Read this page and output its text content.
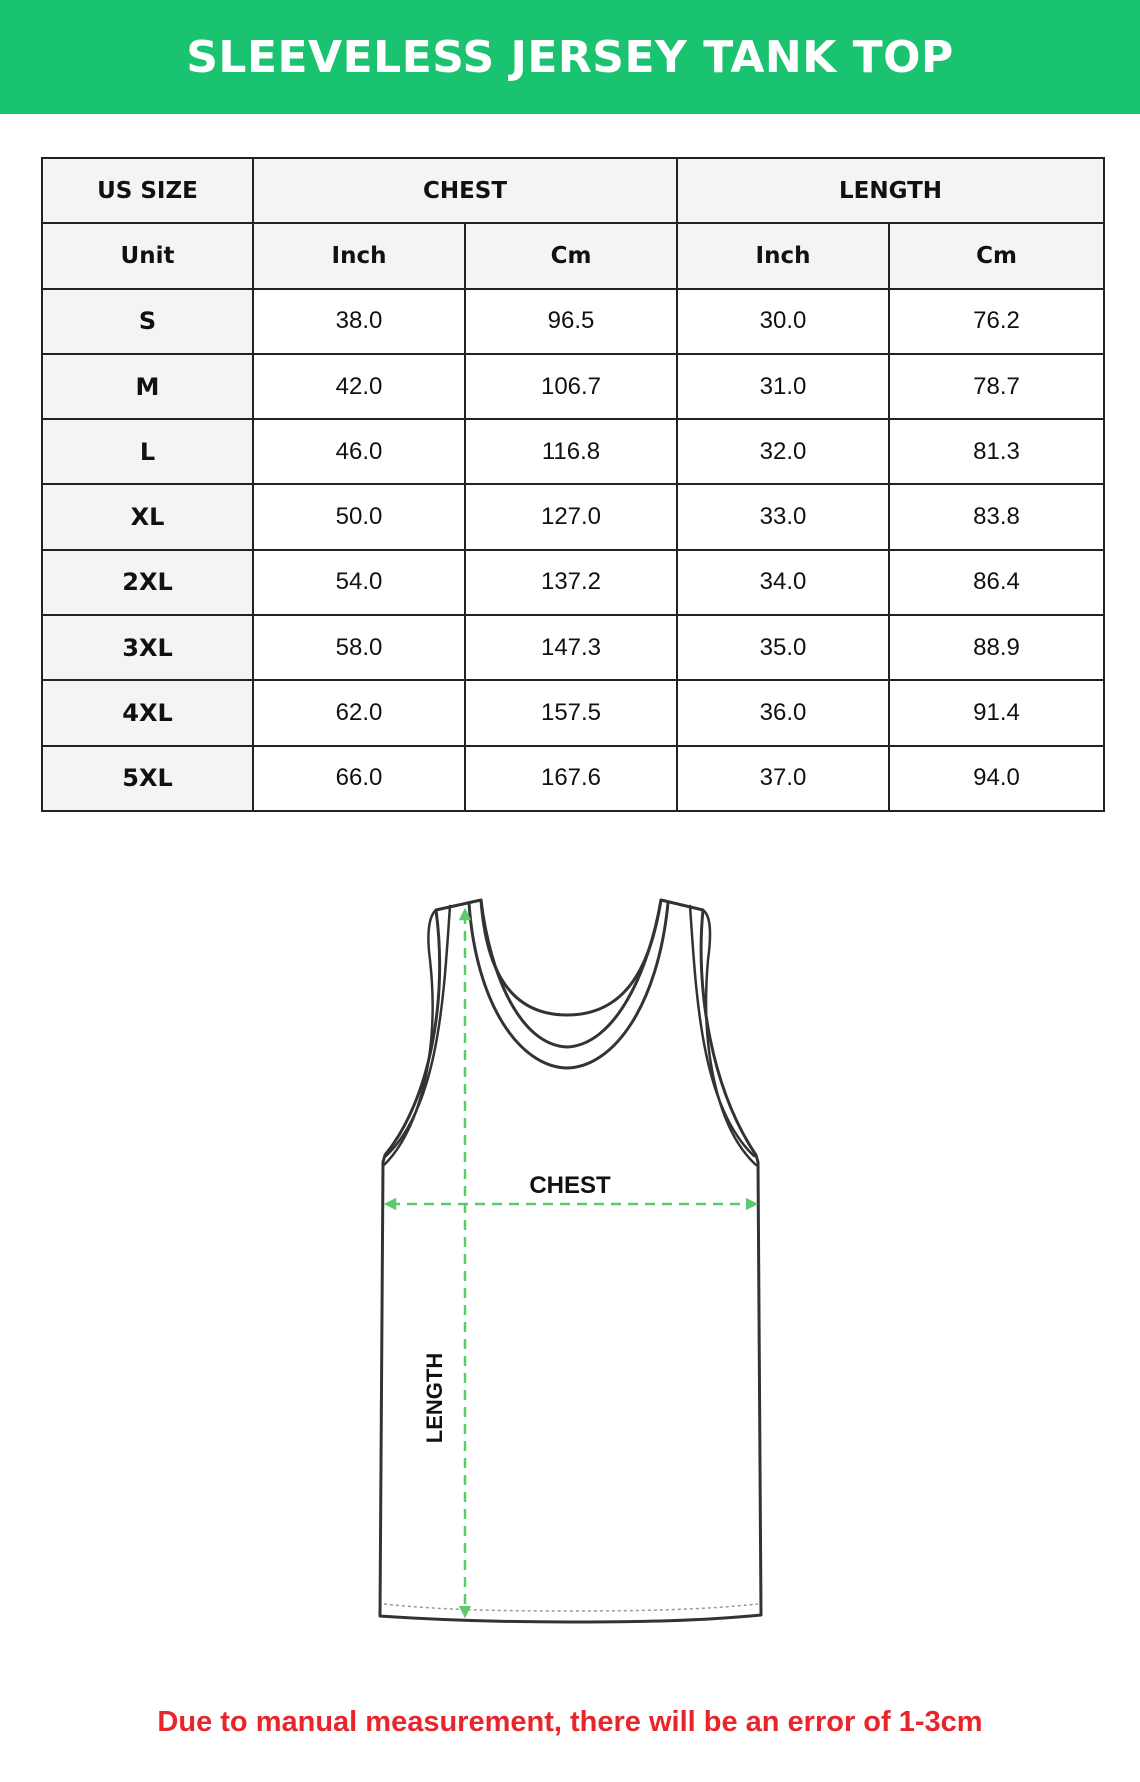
SLEEVELESS JERSEY TANK TOP
US SIZE	CHEST		LENGTH	
Unit	Inch	Cm	Inch	Cm
S	38.0	96.5	30.0	76.2
M	42.0	106.7	31.0	78.7
L	46.0	116.8	32.0	81.3
XL	50.0	127.0	33.0	83.8
2XL	54.0	137.2	34.0	86.4
3XL	58.0	147.3	35.0	88.9
4XL	62.0	157.5	36.0	91.4
5XL	66.0	167.6	37.0	94.0
CHEST
LENGTH
Due to manual measurement, there will be an error of 1-3cm
